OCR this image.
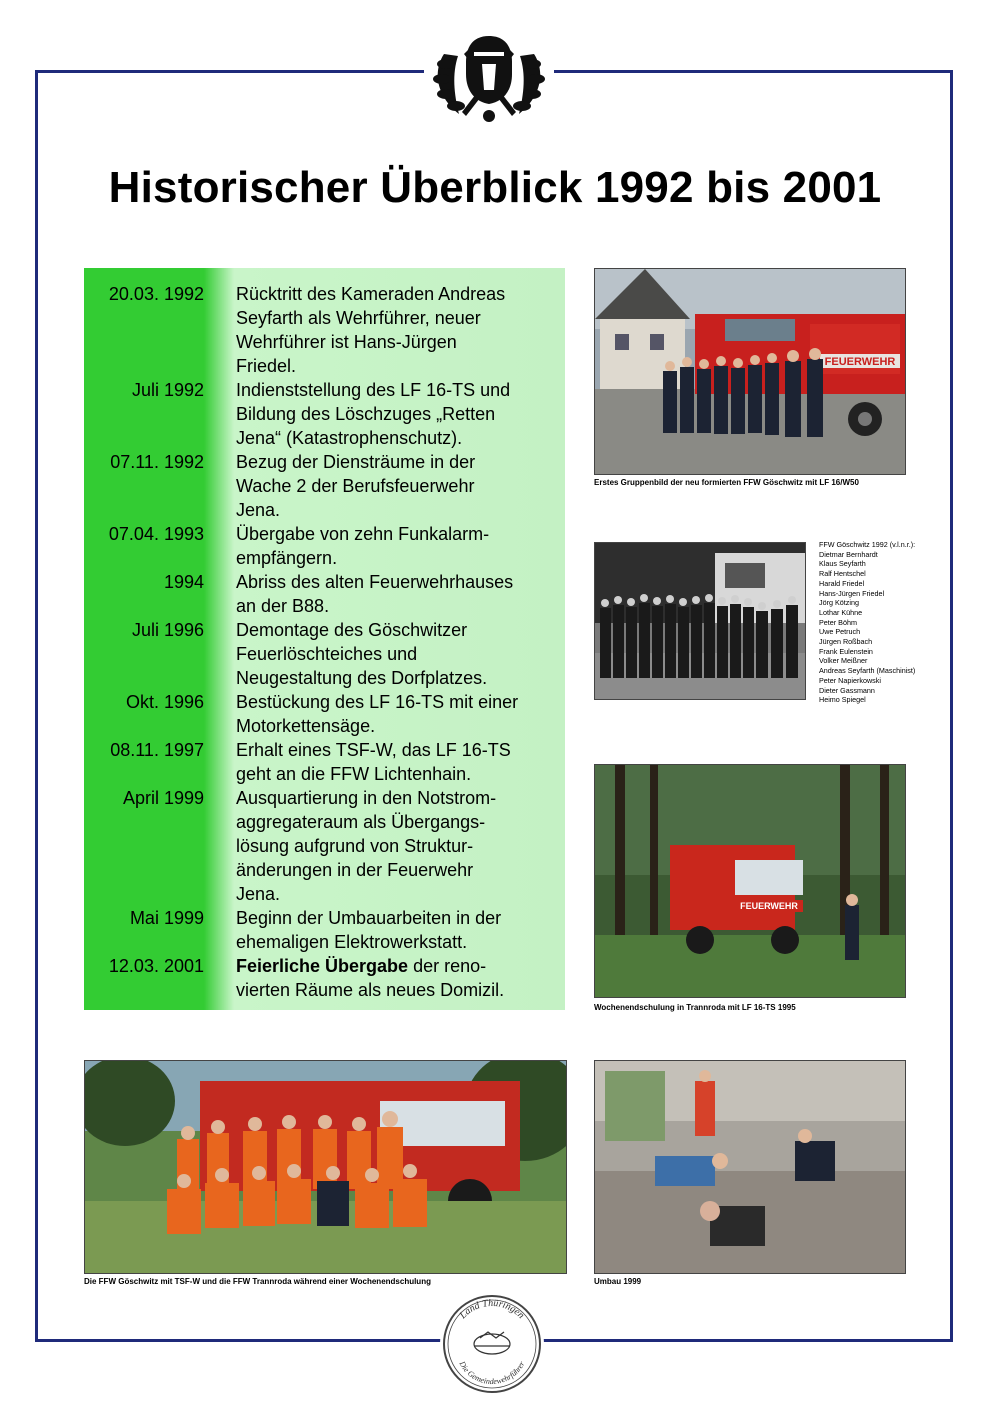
Historischer Überblick 1992 bis 2001
20.03. 1992 Rücktritt des Kameraden Andreas
Seyfarth als Wehrführer, neuer
Wehrführer ist Hans-Jürgen
Friedel.
Juli 1992 Indienststellung des LF 16-TS und
Bildung des Löschzuges „Retten
Jena“ (Katastrophenschutz).
07.11. 1992 Bezug der Diensträume in der
Wache 2 der Berufsfeuerwehr
Jena.
07.04. 1993 Übergabe von zehn Funkalarm-
empfängern.
1994 Abriss des alten Feuerwehrhauses
an der B88.
Juli 1996 Demontage des Göschwitzer
Feuerlöschteiches und
Neugestaltung des Dorfplatzes.
Okt. 1996 Bestückung des LF 16-TS mit einer
Motorkettensäge.
08.11. 1997 Erhalt eines TSF-W, das LF 16-TS
geht an die FFW Lichtenhain.
April 1999 Ausquartierung in den Notstrom-
aggregateraum als Übergangs-
lösung aufgrund von Struktur-
änderungen in der Feuerwehr
Jena.
Mai 1999 Beginn der Umbauarbeiten in der
ehemaligen Elektrowerkstatt.
12.03. 2001 Feierliche Übergabe der reno-
vierten Räume als neues Domizil.
FEUERWEHR
Erstes Gruppenbild der neu formierten FFW Göschwitz mit LF 16/W50
FFW Göschwitz 1992 (v.l.n.r.):
Dietmar Bernhardt
Klaus Seyfarth
Ralf Hentschel
Harald Friedel
Hans-Jürgen Friedel
Jörg Kötzing
Lothar Kühne
Peter Böhm
Uwe Petruch
Jürgen Roßbach
Frank Eulenstein
Volker Meißner
Andreas Seyfarth (Maschinist)
Peter Napierkowski
Dieter Gassmann
Heimo Spiegel
FEUERWEHR
Wochenendschulung in Trannroda mit LF 16-TS 1995
Die FFW Göschwitz mit TSF-W und die FFW Trannroda während einer Wochenendschulung	Umbau 1999
Land Thüringen
Die Gemeindewehrführer
